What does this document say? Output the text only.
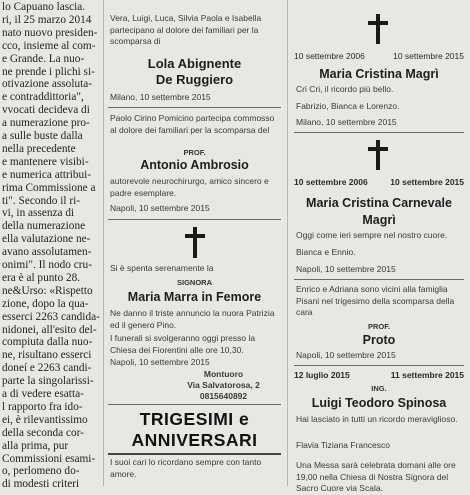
lo Capuano lascia.
ri, il 25 marzo 2014
nato nuovo presiden-
cco, insieme al com-
e Grande. La nuo-
ne prende i plichi si-
otivazione assoluta-
e contraddittoria",
vvocati decideva di
a numerazione pro-
a sulle buste dalla
nella precedente
e mantenere visibi-
e numerica attribui-
rima Commissione a
ti". Secondo il ri-
vi, in assenza di
della numerazione
ella valutazione ne-
avano assolutamen-
onimi". Il nodo cru-
era è al punto 28.
ne&Urso: «Rispetto
zione, dopo la qua-
esserci 2263 candida-
nidonei, all'esito del-
compiuta dalla nuo-
ne, risultano esserci
doneí e 2263 candi-
parte la singolarissi-
a di vedere esatta-
l rapporto fra ido-
ei, è rilevantissimo
della seconda cor-
alla prima, pur
Commissioni esami-
o, perlomeno do-
di modesti criteri
Vera, Luigi, Luca, Silvia Paola e Isabella partecipano al dolore dei familiari per la scomparsa di
Lola Abignente
De Ruggiero
Milano, 10 settembre 2015
Paolo Cirino Pomicino partecipa commosso al dolore dei familiari per la scomparsa del
PROF.
Antonio Ambrosio
autorevole neurochirurgo, amico sincero e padre esemplare.
Napoli, 10 settembre 2015
Si è spenta serenamente la
SIGNORA
Maria Marra in Femore
Ne danno il triste annuncio la nuora Patrizia ed il genero Pino.
I funerali si svolgeranno oggi presso la Chiesa dei Fiorentini alle ore 10,30.
Napoli, 10 settembre 2015
Montuoro
Via Salvatorosa, 2
0815640892
TRIGESIMI e
ANNIVERSARI
I suoi cari lo ricordano sempre con tanto amore.
10 settembre 2006	10 settembre 2015
Maria Cristina Magrì
Cri Cri, il ricordo più bello.
Fabrizio, Bianca e Lorenzo.
Milano, 10 settembre 2015
10 settembre 2006	10 settembre 2015
Maria Cristina Carnevale
Magrì
Oggi come ieri sempre nel nostro cuore.
Bianca e Ennio.
Napoli, 10 settembre 2015
Enrico e Adriana sono vicini alla famiglia Pisani nel trigesimo della scomparsa della cara
PROF.
Proto
Napoli, 10 settembre 2015
12 luglio 2015	11 settembre 2015
ING.
Luigi Teodoro Spinosa
Hai lasciato in tutti un ricordo meraviglioso.
Flavia Tiziana Francesco
Una Messa sarà celebrata domani alle ore 19,00 nella Chiesa di Nostra Signora del Sacro Cuore via Scala.
